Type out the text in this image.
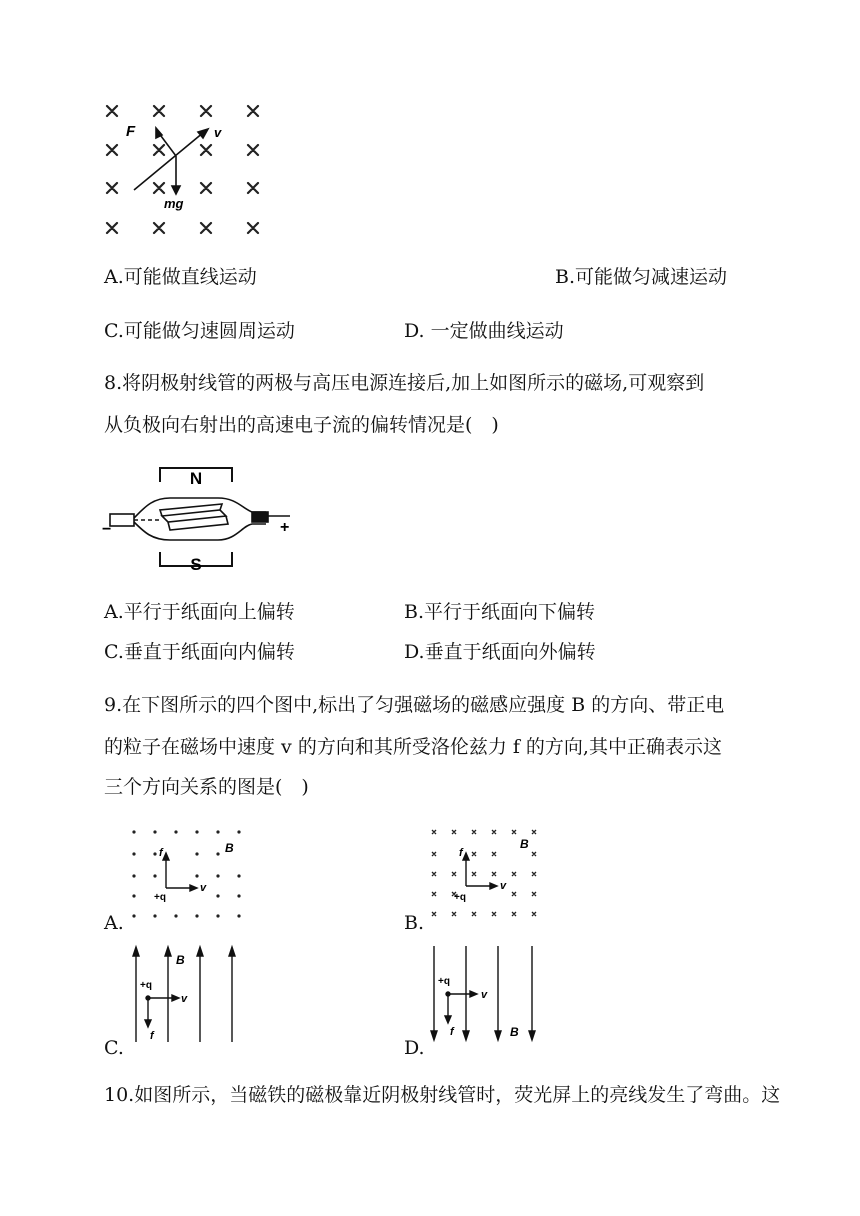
F	v
mg
A.可能做直线运动	B.可能做匀减速运动
C.可能做匀速圆周运动	D. 一定做曲线运动
8.将阴极射线管的两极与高压电源连接后,加上如图所示的磁场,可观察到
从负极向右射出的高速电子流的偏转情况是( )
N
S
−	+
A.平行于纸面向上偏转	B.平行于纸面向下偏转
C.垂直于纸面向内偏转	D.垂直于纸面向外偏转
9.在下图所示的四个图中,标出了匀强磁场的磁感应强度 B 的方向、带正电
的粒子在磁场中速度 v 的方向和其所受洛伦兹力 f 的方向,其中正确表示这
三个方向关系的图是( )
A.
f
v
B
+q
B.
f
v
B
+q
C.
+q
f
v
B
D.
+q
f
v
B
10.如图所示，当磁铁的磁极靠近阴极射线管时，荧光屏上的亮线发生了弯曲。这
